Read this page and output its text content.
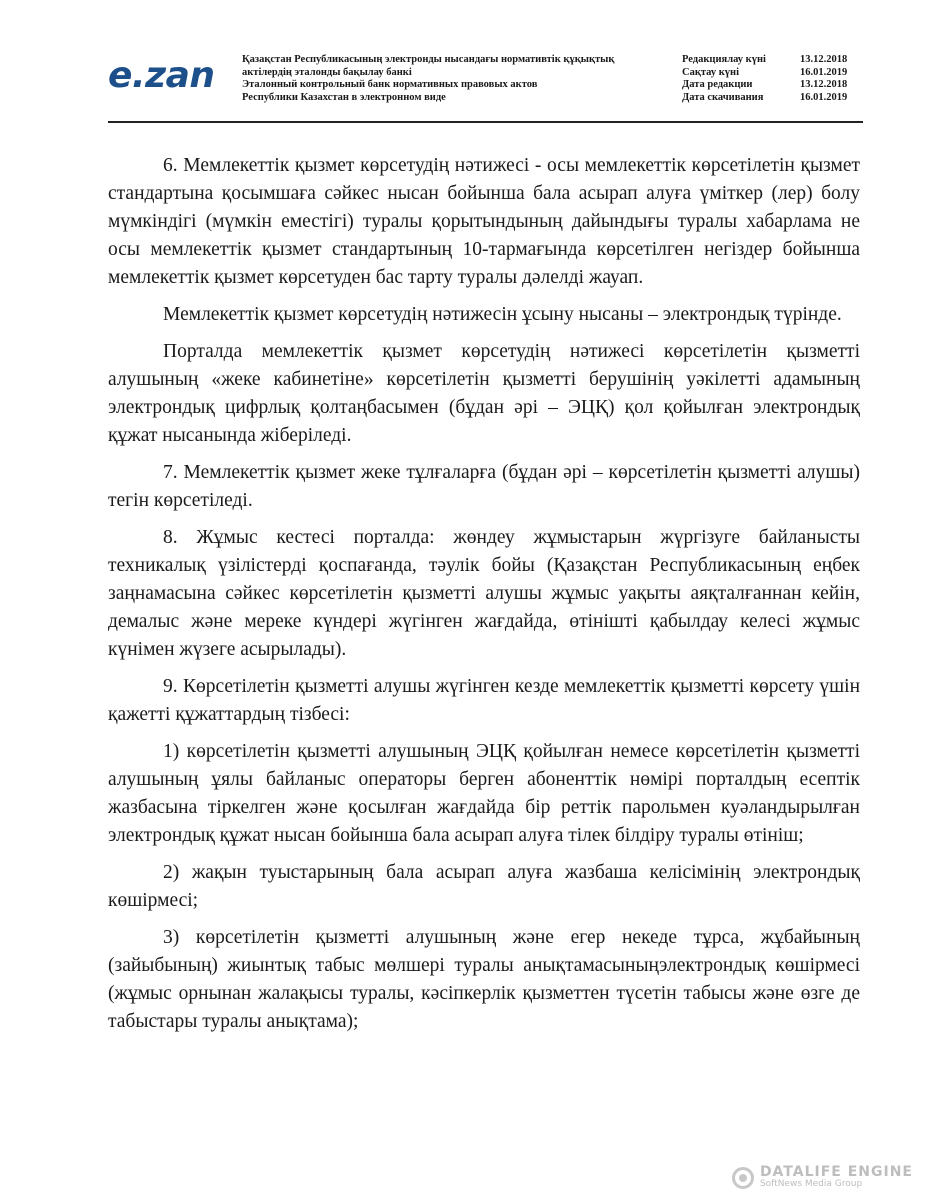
e.zan	Қазақстан Республикасының электронды нысандағы нормативтік құқықтық
актілердің эталонды бақылау банкі
Эталонный контрольный банк нормативных правовых актов
Республики Казахстан в электронном виде
Редакциялау күні	13.12.2018
Сақтау күні	16.01.2019
Дата редакции	13.12.2018
Дата скачивания	16.01.2019

6. Мемлекеттік қызмет көрсетудің нәтижесі - осы мемлекеттік көрсетілетін қызмет стандартына қосымшаға сәйкес нысан бойынша бала асырап алуға үміткер (лер) болу мүмкіндігі (мүмкін еместігі) туралы қорытындының дайындығы туралы хабарлама не осы мемлекеттік қызмет стандартының 10-тармағында көрсетілген негіздер бойынша мемлекеттік қызмет көрсетуден бас тарту туралы дәлелді жауап.

Мемлекеттік қызмет көрсетудің нәтижесін ұсыну нысаны – электрондық түрінде.

Порталда мемлекеттік қызмет көрсетудің нәтижесі көрсетілетін қызметті алушының «жеке кабинетіне» көрсетілетін қызметті берушінің уәкілетті адамының электрондық цифрлық қолтаңбасымен (бұдан әрі – ЭЦҚ) қол қойылған электрондық құжат нысанында жіберіледі.

7. Мемлекеттік қызмет жеке тұлғаларға (бұдан әрі – көрсетілетін қызметті алушы) тегін көрсетіледі.

8. Жұмыс кестесі порталда: жөндеу жұмыстарын жүргізуге байланысты техникалық үзілістерді қоспағанда, тәулік бойы (Қазақстан Республикасының еңбек заңнамасына сәйкес көрсетілетін қызметті алушы жұмыс уақыты аяқталғаннан кейін, демалыс және мереке күндері жүгінген жағдайда, өтінішті қабылдау келесі жұмыс күнімен жүзеге асырылады).

9. Көрсетілетін қызметті алушы жүгінген кезде мемлекеттік қызметті көрсету үшін қажетті құжаттардың тізбесі:

1) көрсетілетін қызметті алушының ЭЦҚ қойылған немесе көрсетілетін қызметті алушының ұялы байланыс операторы берген абоненттік нөмірі порталдың есептік жазбасына тіркелген және қосылған жағдайда бір реттік парольмен куәландырылған электрондық құжат нысан бойынша бала асырап алуға тілек білдіру туралы өтініш;

2) жақын туыстарының бала асырап алуға жазбаша келісімінің электрондық көшірмесі;

3) көрсетілетін қызметті алушының және егер некеде тұрса, жұбайының (зайыбының) жиынтық табыс мөлшері туралы анықтамасыныңэлектрондық көшірмесі (жұмыс орнынан жалақысы туралы, кәсіпкерлік қызметтен түсетін табысы және өзге де табыстары туралы анықтама);

DATALIFE ENGINE
SoftNews Media Group
